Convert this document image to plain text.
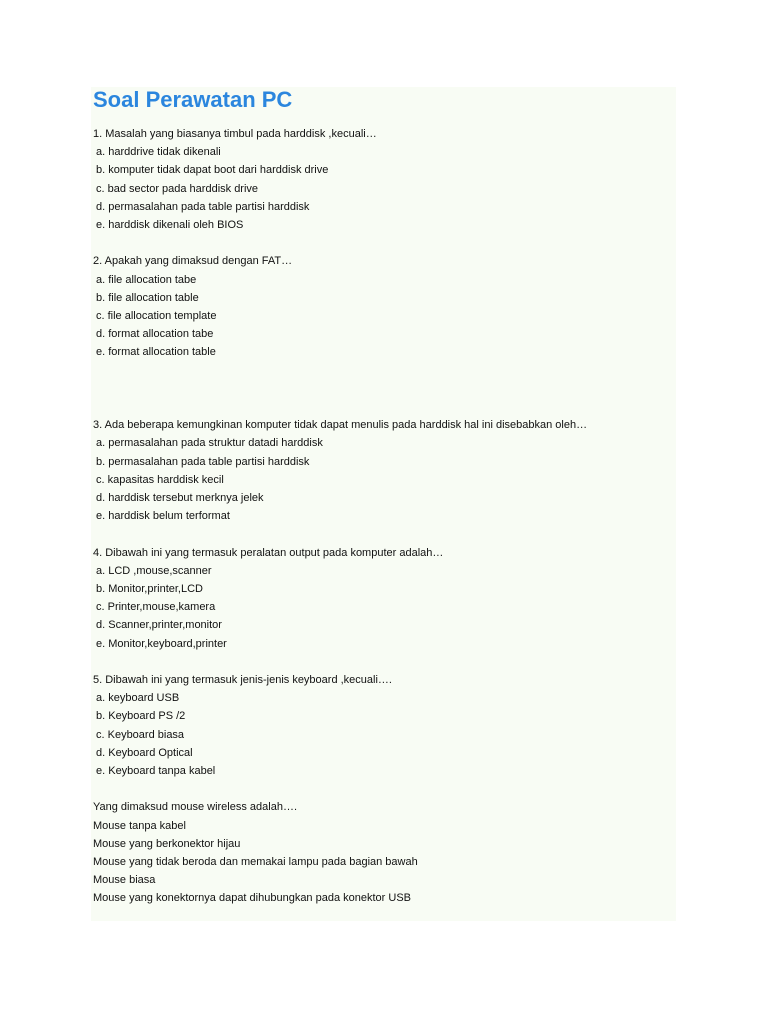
Soal Perawatan PC
1. Masalah yang biasanya timbul pada harddisk ,kecuali…
a. harddrive tidak dikenali
b. komputer tidak dapat boot dari harddisk drive
c. bad sector pada harddisk drive
d. permasalahan pada table partisi harddisk
e. harddisk dikenali oleh BIOS
2. Apakah yang dimaksud dengan FAT…
a. file allocation tabe
b. file allocation table
c. file allocation template
d. format allocation tabe
e. format allocation table
3. Ada beberapa kemungkinan komputer tidak dapat menulis pada harddisk hal ini disebabkan oleh…
a. permasalahan pada struktur datadi harddisk
b. permasalahan pada table partisi harddisk
c. kapasitas harddisk kecil
d. harddisk tersebut merknya jelek
e. harddisk belum terformat
4. Dibawah ini yang termasuk peralatan output pada komputer adalah…
a. LCD ,mouse,scanner
b. Monitor,printer,LCD
c. Printer,mouse,kamera
d. Scanner,printer,monitor
e. Monitor,keyboard,printer
5. Dibawah ini yang termasuk jenis-jenis keyboard ,kecuali….
a. keyboard USB
b. Keyboard PS /2
c. Keyboard biasa
d. Keyboard Optical
e. Keyboard tanpa kabel
Yang dimaksud mouse wireless adalah….
Mouse tanpa kabel
Mouse yang berkonektor hijau
Mouse yang tidak beroda dan memakai lampu pada bagian bawah
Mouse biasa
Mouse yang konektornya dapat dihubungkan pada konektor USB
